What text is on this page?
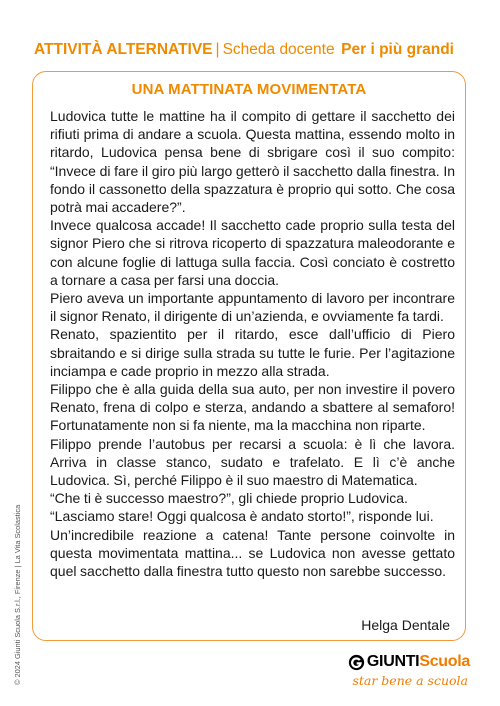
ATTIVITÀ ALTERNATIVE | Scheda docente Per i più grandi
UNA MATTINATA MOVIMENTATA

Ludovica tutte le mattine ha il compito di gettare il sacchetto dei rifiuti prima di andare a scuola. Questa mattina, essendo molto in ritardo, Ludovica pensa bene di sbrigare così il suo compito: “Invece di fare il giro più largo getterò il sacchetto dalla finestra. In fondo il cassonetto della spazzatura è proprio qui sotto. Che cosa potrà mai accadere?”.

Invece qualcosa accade! Il sacchetto cade proprio sulla testa del signor Piero che si ritrova ricoperto di spazzatura maleodorante e con alcune foglie di lattuga sulla faccia. Così conciato è costretto a tornare a casa per farsi una doccia.

Piero aveva un importante appuntamento di lavoro per incontrare il signor Renato, il dirigente di un’azienda, e ovviamente fa tardi.

Renato, spazientito per il ritardo, esce dall’ufficio di Piero sbraitando e si dirige sulla strada su tutte le furie. Per l’agitazione inciampa e cade proprio in mezzo alla strada.

Filippo che è alla guida della sua auto, per non investire il povero Renato, frena di colpo e sterza, andando a sbattere al semaforo! Fortunatamente non si fa niente, ma la macchina non riparte.

Filippo prende l’autobus per recarsi a scuola: è lì che lavora. Arriva in classe stanco, sudato e trafelato. E lì c’è anche Ludovica. Sì, perché Filippo è il suo maestro di Matematica.

“Che ti è successo maestro?”, gli chiede proprio Ludovica.

“Lasciamo stare! Oggi qualcosa è andato storto!”, risponde lui.

Un’incredibile reazione a catena! Tante persone coinvolte in questa movimentata mattina... se Ludovica non avesse gettato quel sacchetto dalla finestra tutto questo non sarebbe successo.

Helga Dentale
© 2024 Giunti Scuola S.r.l., Firenze | La Vita Scolastica	GIUNTIScuola
star bene a scuola
